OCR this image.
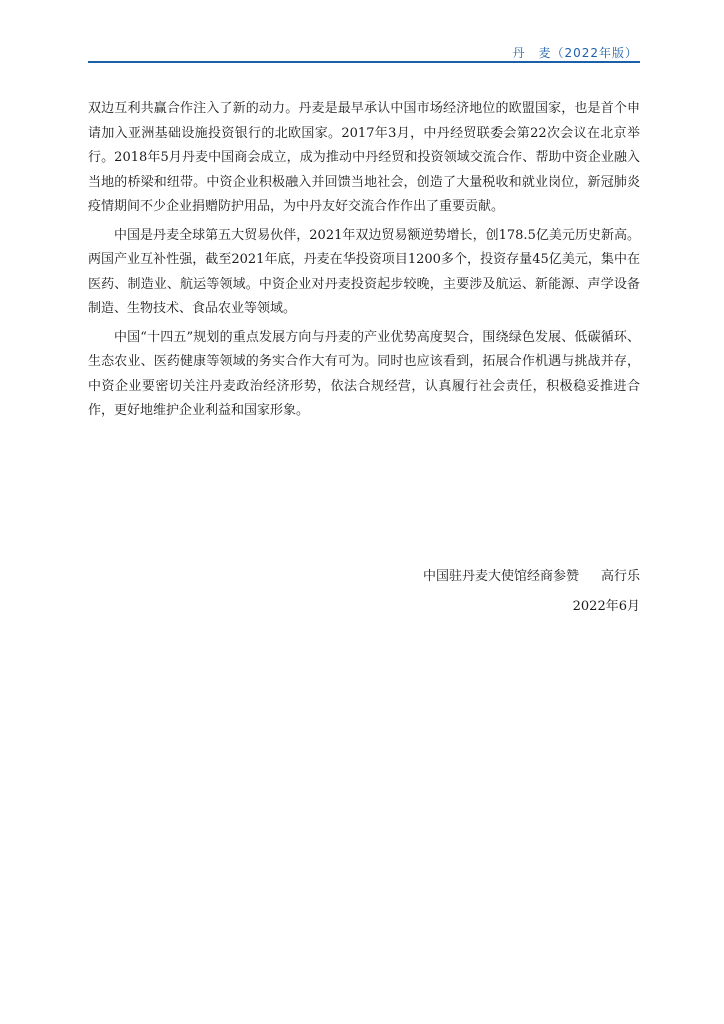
丹　麦（2022年版）

双边互利共赢合作注入了新的动力。丹麦是最早承认中国市场经济地位的欧盟国家，也是首个申请加入亚洲基础设施投资银行的北欧国家。2017年3月，中丹经贸联委会第22次会议在北京举行。2018年5月丹麦中国商会成立，成为推动中丹经贸和投资领域交流合作、帮助中资企业融入当地的桥梁和纽带。中资企业积极融入并回馈当地社会，创造了大量税收和就业岗位，新冠肺炎疫情期间不少企业捐赠防护用品，为中丹友好交流合作作出了重要贡献。

中国是丹麦全球第五大贸易伙伴，2021年双边贸易额逆势增长，创178.5亿美元历史新高。两国产业互补性强，截至2021年底，丹麦在华投资项目1200多个，投资存量45亿美元，集中在医药、制造业、航运等领域。中资企业对丹麦投资起步较晚，主要涉及航运、新能源、声学设备制造、生物技术、食品农业等领域。

中国“十四五”规划的重点发展方向与丹麦的产业优势高度契合，围绕绿色发展、低碳循环、生态农业、医药健康等领域的务实合作大有可为。同时也应该看到，拓展合作机遇与挑战并存，中资企业要密切关注丹麦政治经济形势，依法合规经营，认真履行社会责任，积极稳妥推进合作，更好地维护企业利益和国家形象。

中国驻丹麦大使馆经商参赞 高行乐
2022年6月
